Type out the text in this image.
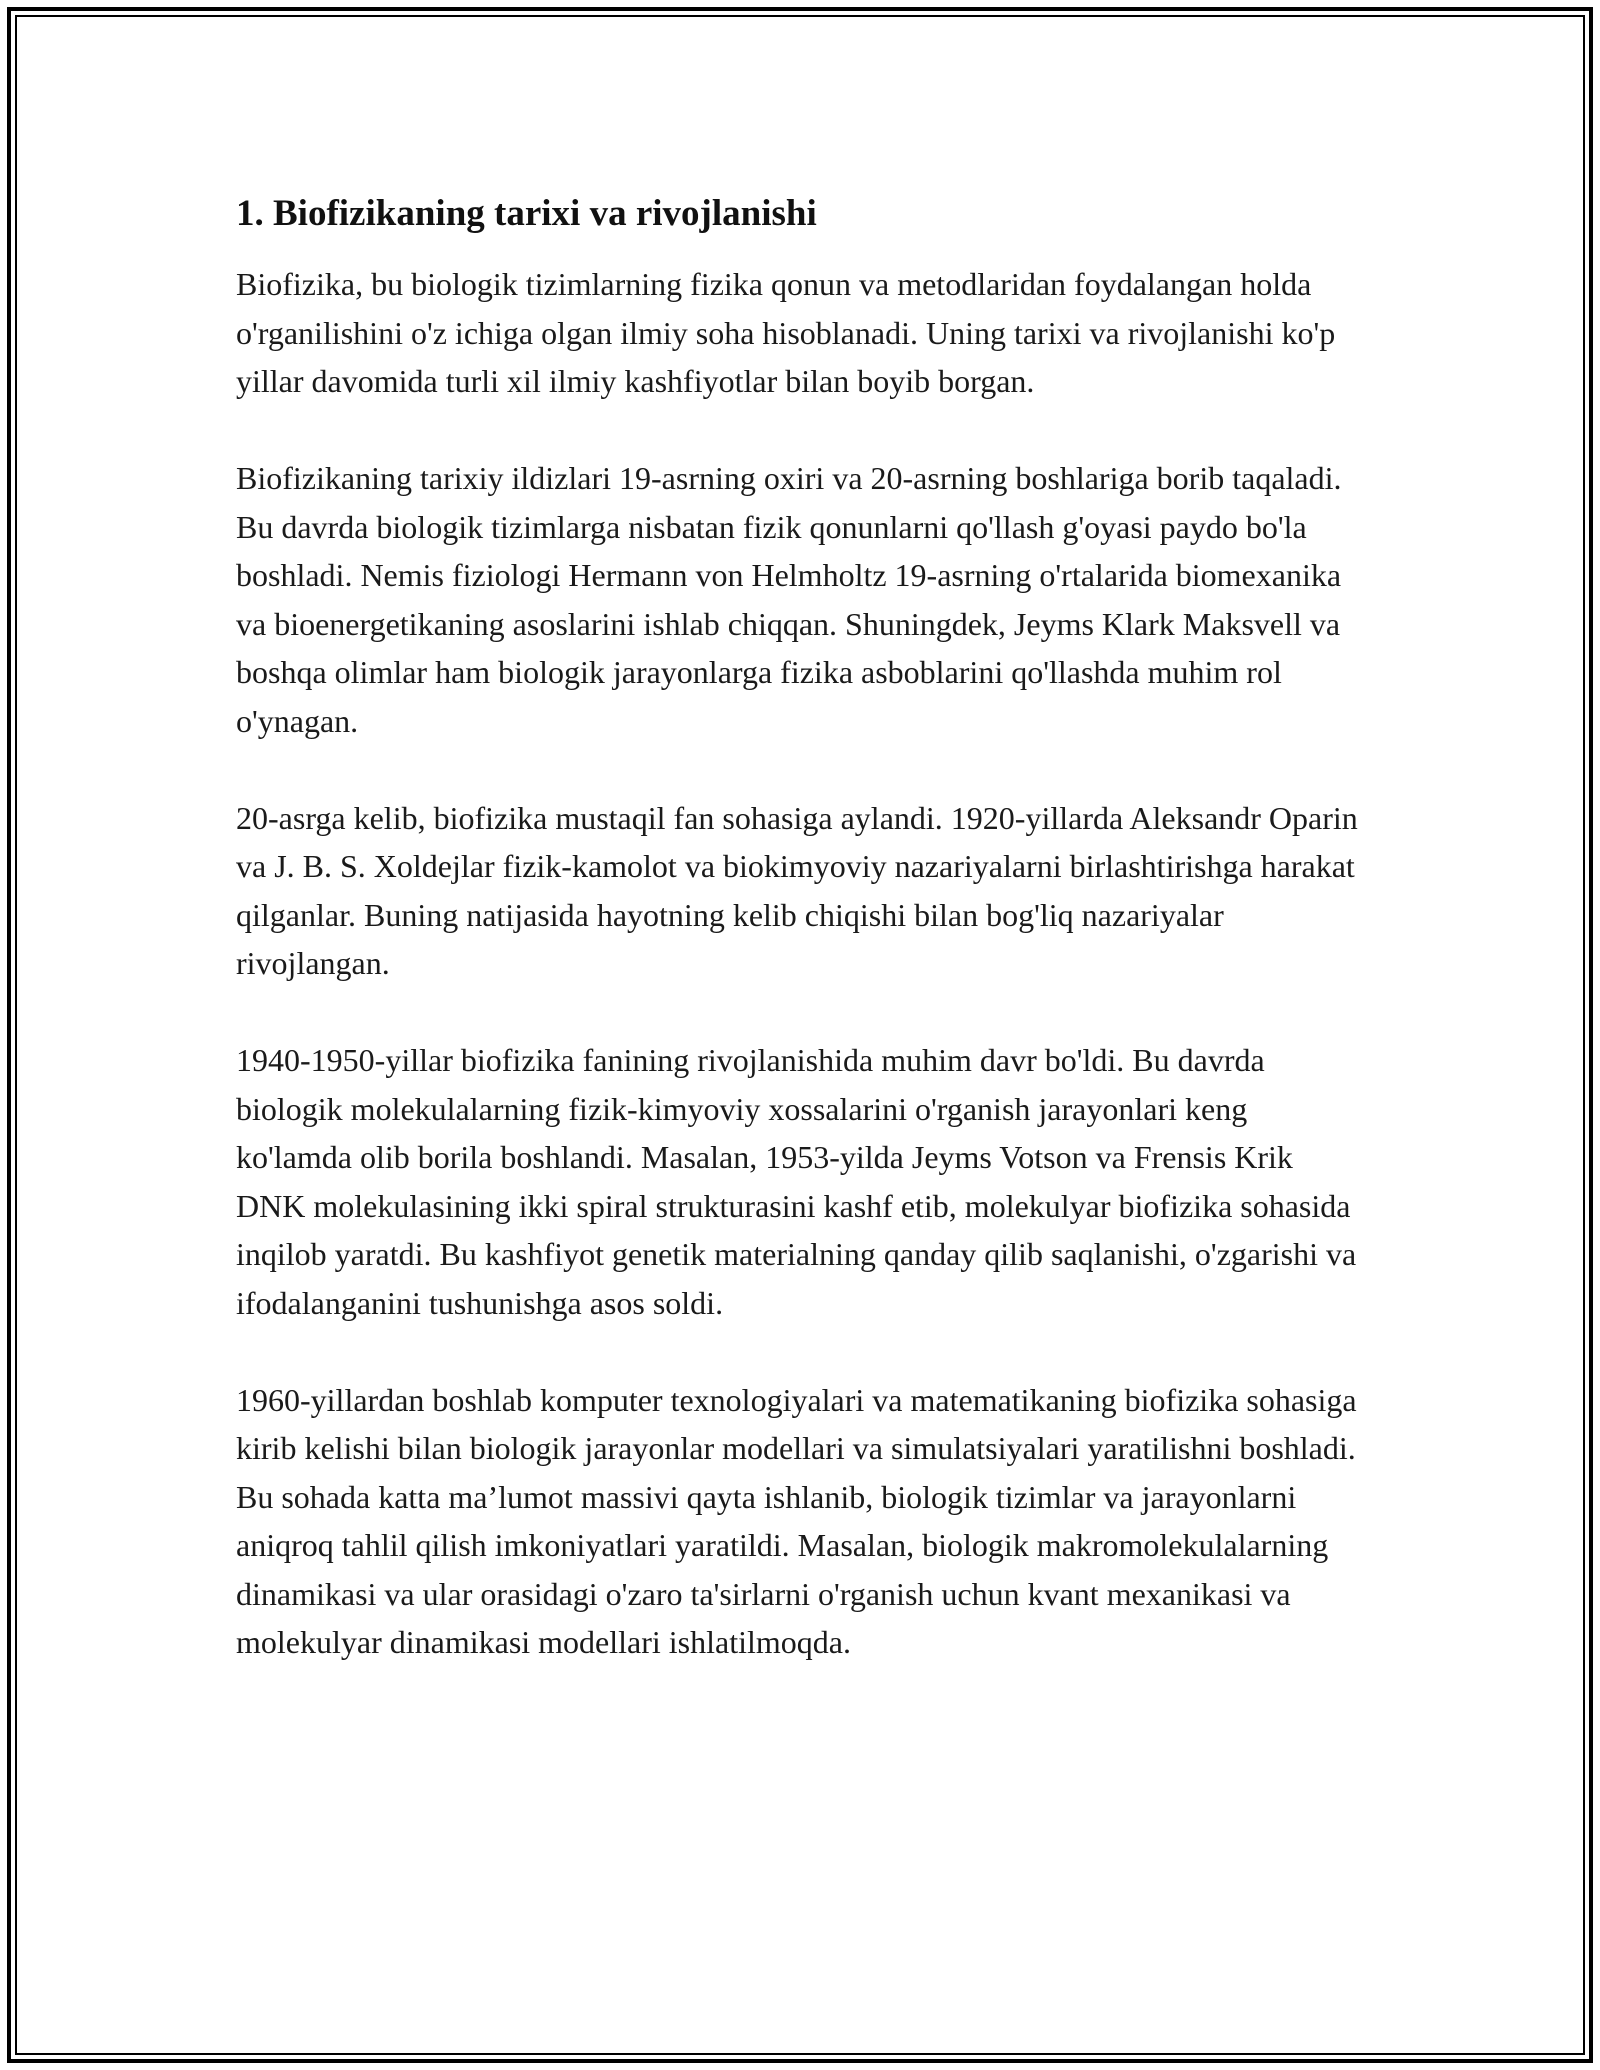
1. Biofizikaning tarixi va rivojlanishi

Biofizika, bu biologik tizimlarning fizika qonun va metodlaridan foydalangan holda o'rganilishini o'z ichiga olgan ilmiy soha hisoblanadi. Uning tarixi va rivojlanishi ko'p yillar davomida turli xil ilmiy kashfiyotlar bilan boyib borgan.

Biofizikaning tarixiy ildizlari 19-asrning oxiri va 20-asrning boshlariga borib taqaladi. Bu davrda biologik tizimlarga nisbatan fizik qonunlarni qo'llash g'oyasi paydo bo'la boshladi. Nemis fiziologi Hermann von Helmholtz 19-asrning o'rtalarida biomexanika va bioenergetikaning asoslarini ishlab chiqqan. Shuningdek, Jeyms Klark Maksvell va boshqa olimlar ham biologik jarayonlarga fizika asboblarini qo'llashda muhim rol o'ynagan.

20-asrga kelib, biofizika mustaqil fan sohasiga aylandi. 1920-yillarda Aleksandr Oparin va J. B. S. Xoldejlar fizik-kamolot va biokimyoviy nazariyalarni birlashtirishga harakat qilganlar. Buning natijasida hayotning kelib chiqishi bilan bog'liq nazariyalar rivojlangan.

1940-1950-yillar biofizika fanining rivojlanishida muhim davr bo'ldi. Bu davrda biologik molekulalarning fizik-kimyoviy xossalarini o'rganish jarayonlari keng ko'lamda olib borila boshlandi. Masalan, 1953-yilda Jeyms Votson va Frensis Krik DNK molekulasining ikki spiral strukturasini kashf etib, molekulyar biofizika sohasida inqilob yaratdi. Bu kashfiyot genetik materialning qanday qilib saqlanishi, o'zgarishi va ifodalanganini tushunishga asos soldi.

1960-yillardan boshlab komputer texnologiyalari va matematikaning biofizika sohasiga kirib kelishi bilan biologik jarayonlar modellari va simulatsiyalari yaratilishni boshladi. Bu sohada katta ma’lumot massivi qayta ishlanib, biologik tizimlar va jarayonlarni aniqroq tahlil qilish imkoniyatlari yaratildi. Masalan, biologik makromolekulalarning dinamikasi va ular orasidagi o'zaro ta'sirlarni o'rganish uchun kvant mexanikasi va molekulyar dinamikasi modellari ishlatilmoqda.
